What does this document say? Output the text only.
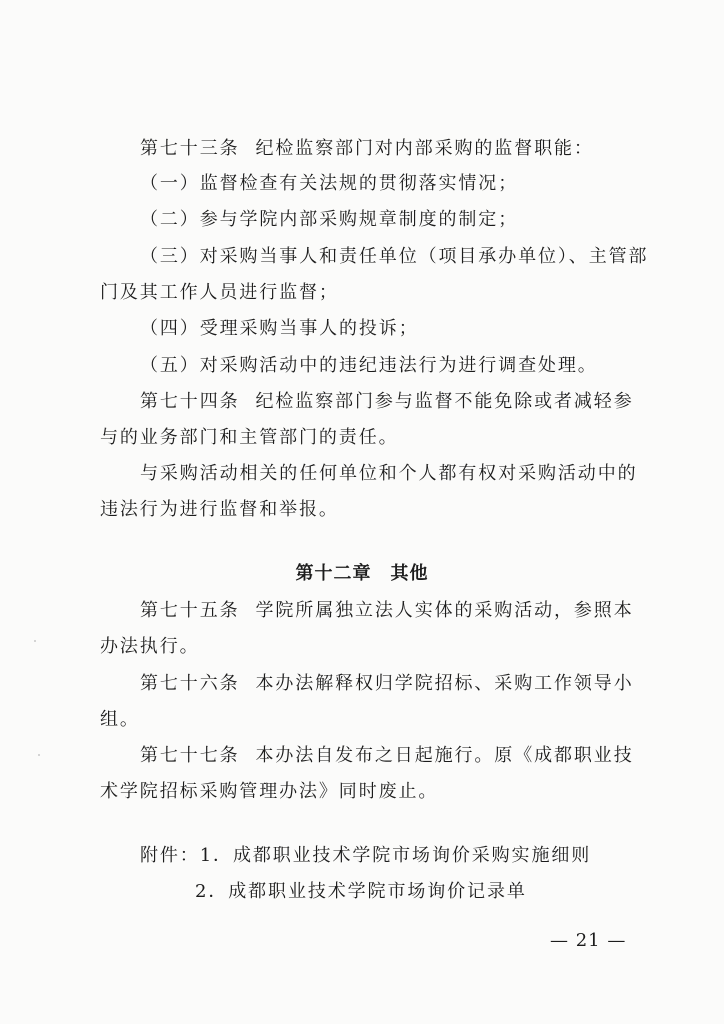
第七十三条 纪检监察部门对内部采购的监督职能：
（一）监督检查有关法规的贯彻落实情况；
（二）参与学院内部采购规章制度的制定；
（三）对采购当事人和责任单位（项目承办单位）、主管部
门及其工作人员进行监督；
（四）受理采购当事人的投诉；
（五）对采购活动中的违纪违法行为进行调查处理。
第七十四条 纪检监察部门参与监督不能免除或者减轻参
与的业务部门和主管部门的责任。
与采购活动相关的任何单位和个人都有权对采购活动中的
违法行为进行监督和举报。
第十二章　其他
第七十五条 学院所属独立法人实体的采购活动，参照本
办法执行。
第七十六条 本办法解释权归学院招标、采购工作领导小
组。
第七十七条 本办法自发布之日起施行。原《成都职业技
术学院招标采购管理办法》同时废止。
附件：1．成都职业技术学院市场询价采购实施细则
2．成都职业技术学院市场询价记录单
— 21 —
